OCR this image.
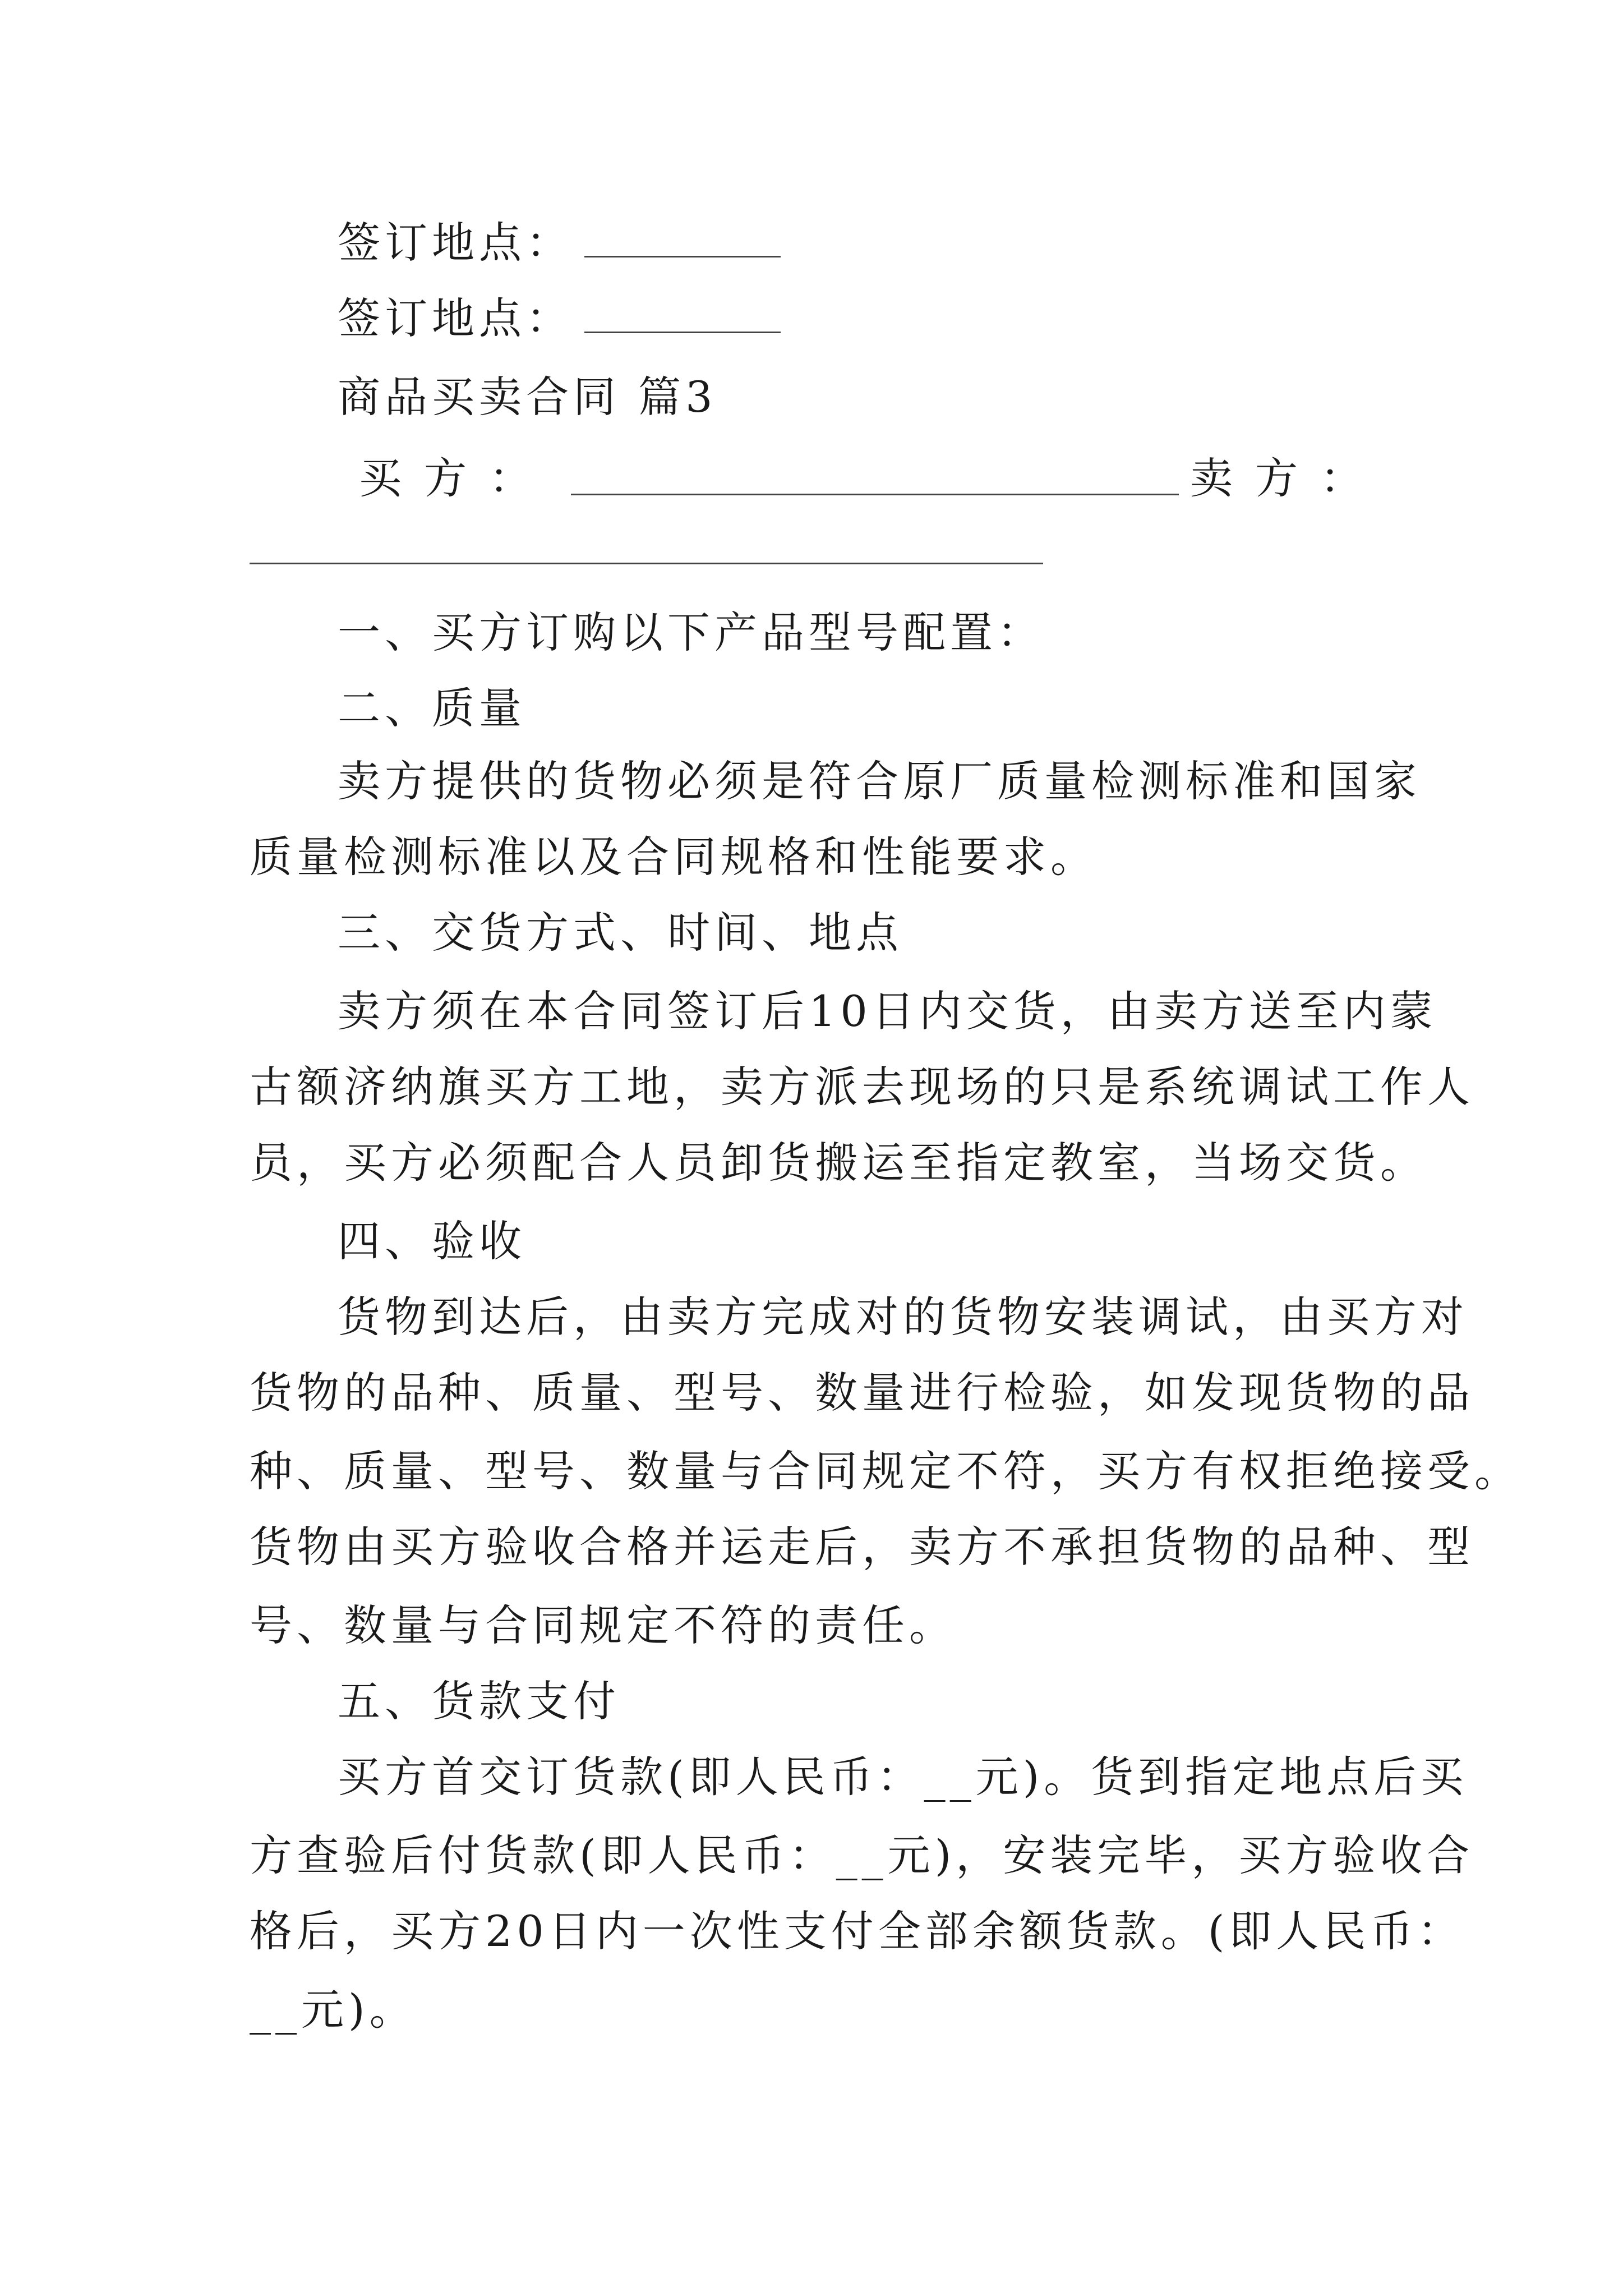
签订地点：
签订地点：
商品买卖合同 篇3
买方：	卖方：
一、买方订购以下产品型号配置：
二、质量
卖方提供的货物必须是符合原厂质量检测标准和国家
质量检测标准以及合同规格和性能要求。
三、交货方式、时间、地点
卖方须在本合同签订后10日内交货，由卖方送至内蒙
古额济纳旗买方工地，卖方派去现场的只是系统调试工作人
员，买方必须配合人员卸货搬运至指定教室，当场交货。
四、验收
货物到达后，由卖方完成对的货物安装调试，由买方对
货物的品种、质量、型号、数量进行检验，如发现货物的品
种、质量、型号、数量与合同规定不符，买方有权拒绝接受。
货物由买方验收合格并运走后，卖方不承担货物的品种、型
号、数量与合同规定不符的责任。
五、货款支付
买方首交订货款(即人民币：__元)。货到指定地点后买
方查验后付货款(即人民币：__元)，安装完毕，买方验收合
格后，买方20日内一次性支付全部余额货款。(即人民币：
__元)。
